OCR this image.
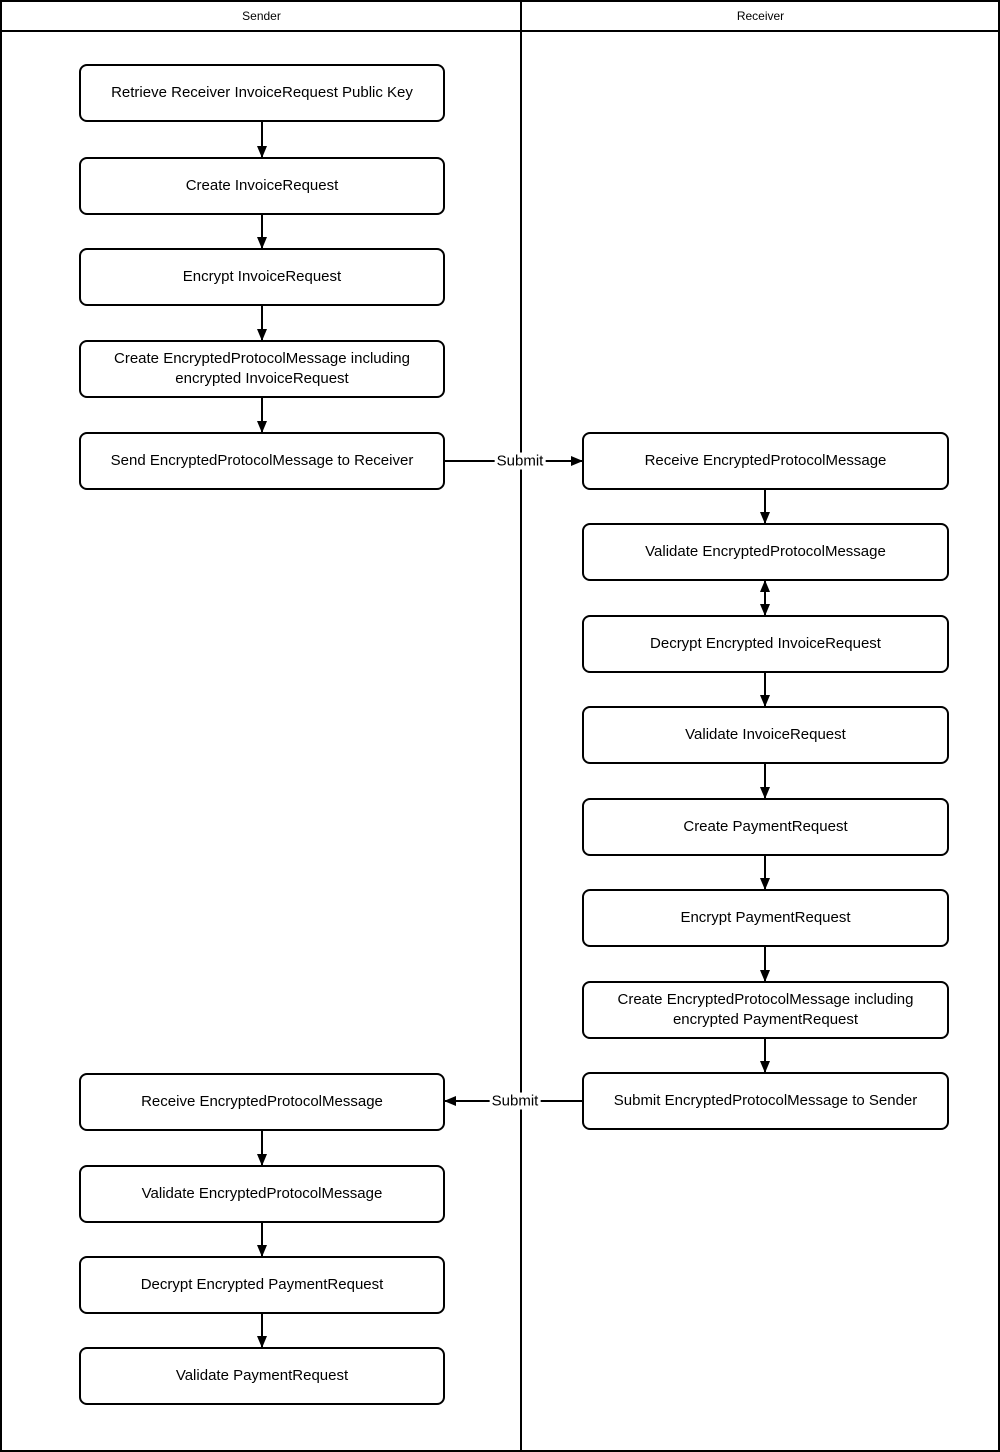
Sender	Receiver
Submit
Submit
Retrieve Receiver InvoiceRequest Public Key
Create InvoiceRequest
Encrypt InvoiceRequest
Create EncryptedProtocolMessage including encrypted InvoiceRequest
Send EncryptedProtocolMessage to Receiver
Receive EncryptedProtocolMessage
Validate EncryptedProtocolMessage
Decrypt Encrypted PaymentRequest
Validate PaymentRequest
Receive EncryptedProtocolMessage
Validate EncryptedProtocolMessage
Decrypt Encrypted InvoiceRequest
Validate InvoiceRequest
Create PaymentRequest
Encrypt PaymentRequest
Create EncryptedProtocolMessage including encrypted PaymentRequest
Submit EncryptedProtocolMessage to Sender
